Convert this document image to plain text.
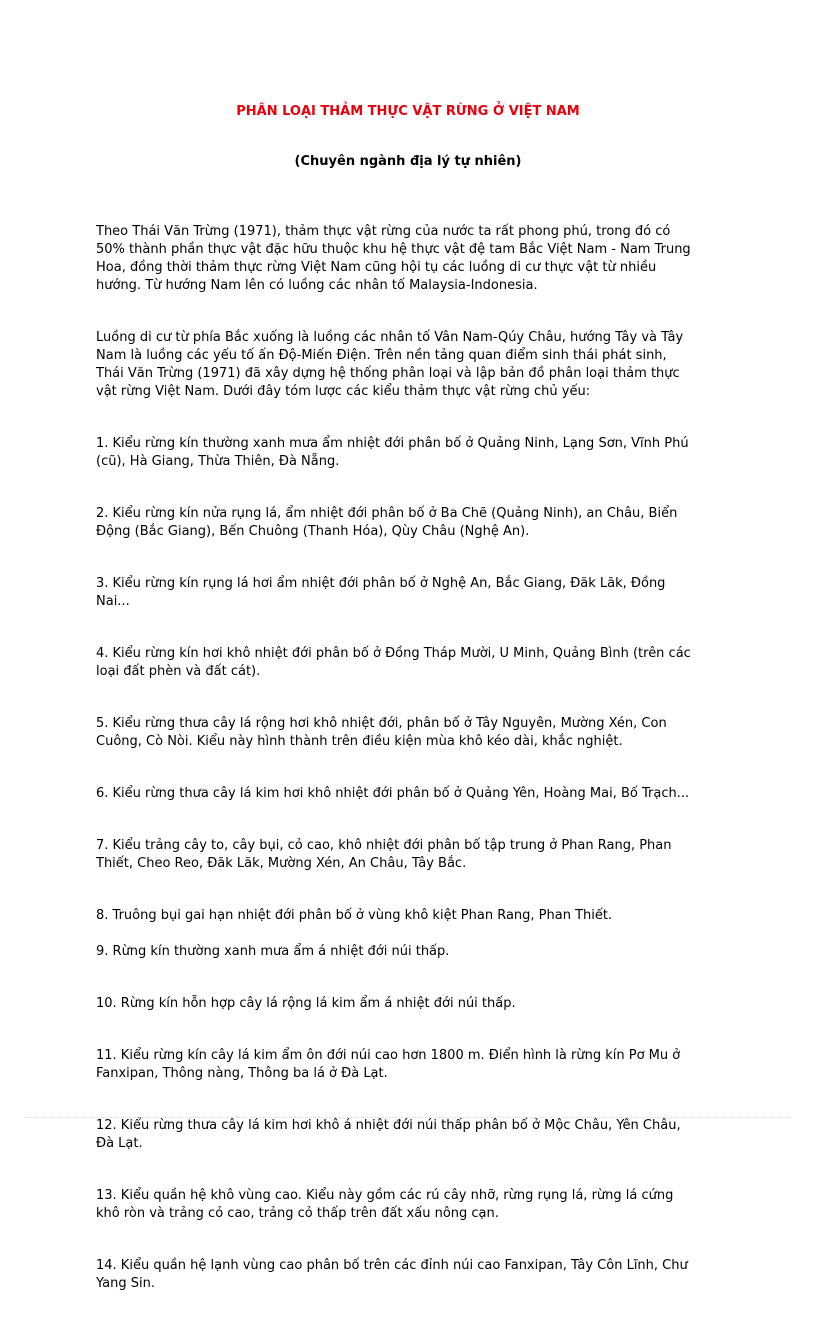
PHÂN LOẠI THẢM THỰC VẬT RỪNG Ở VIỆT NAM
(Chuyên ngành địa lý tự nhiên)

Theo Thái Văn Trừng (1971), thảm thực vật rừng của nước ta rất phong phú, trong đó có
50% thành phần thực vật đặc hữu thuộc khu hệ thực vật đệ tam Bắc Việt Nam - Nam Trung
Hoa, đồng thời thảm thực rừng Việt Nam cũng hội tụ các luồng di cư thực vật từ nhiều
hướng. Từ hướng Nam lên có luồng các nhân tố Malaysia-Indonesia.

Luồng di cư từ phía Bắc xuống là luồng các nhân tố Vân Nam-Qúy Châu, hướng Tây và Tây
Nam là luồng các yếu tố ấn Độ-Miến Điện. Trên nền tảng quan điểm sinh thái phát sinh,
Thái Văn Trừng (1971) đã xây dựng hệ thống phân loại và lập bản đồ phân loại thảm thực
vật rừng Việt Nam. Dưới đây tóm lược các kiểu thảm thực vật rừng chủ yếu:

1. Kiểu rừng kín thường xanh mưa ẩm nhiệt đới phân bố ở Quảng Ninh, Lạng Sơn, Vĩnh Phú
(cũ), Hà Giang, Thừa Thiên, Đà Nẵng.

2. Kiểu rừng kín nửa rụng lá, ẩm nhiệt đới phân bố ở Ba Chẽ (Quảng Ninh), an Châu, Biển
Động (Bắc Giang), Bến Chuông (Thanh Hóa), Qùy Châu (Nghệ An).

3. Kiểu rừng kín rụng lá hơi ẩm nhiệt đới phân bố ở Nghệ An, Bắc Giang, Đăk Lăk, Đồng
Nai...

4. Kiểu rừng kín hơi khô nhiệt đới phân bố ở Đồng Tháp Mười, U Minh, Quảng Bình (trên các
loại đất phèn và đất cát).

5. Kiểu rừng thưa cây lá rộng hơi khô nhiệt đới, phân bố ở Tây Nguyên, Mường Xén, Con
Cuông, Cò Nòi. Kiểu này hình thành trên điều kiện mùa khô kéo dài, khắc nghiệt.

6. Kiểu rừng thưa cây lá kim hơi khô nhiệt đới phân bố ở Quảng Yên, Hoàng Mai, Bố Trạch...

7. Kiểu trảng cây to, cây bụi, cỏ cao, khô nhiệt đới phân bố tập trung ở Phan Rang, Phan
Thiết, Cheo Reo, Đăk Lăk, Mường Xén, An Châu, Tây Bắc.

8. Truông bụi gai hạn nhiệt đới phân bố ở vùng khô kiệt Phan Rang, Phan Thiết.

9. Rừng kín thường xanh mưa ẩm á nhiệt đới núi thấp.

10. Rừng kín hỗn hợp cây lá rộng lá kim ẩm á nhiệt đới núi thấp.

11. Kiểu rừng kín cây lá kim ẩm ôn đới núi cao hơn 1800 m. Điển hình là rừng kín Pơ Mu ở
Fanxipan, Thông nàng, Thông ba lá ở Đà Lạt.

12. Kiểu rừng thưa cây lá kim hơi khô á nhiệt đới núi thấp phân bố ở Mộc Châu, Yên Châu,
Đà Lạt.

13. Kiểu quần hệ khô vùng cao. Kiểu này gồm các rú cây nhỡ, rừng rụng lá, rừng lá cứng
khô ròn và trảng cỏ cao, trảng cỏ thấp trên đất xấu nông cạn.

14. Kiểu quần hệ lạnh vùng cao phân bố trên các đỉnh núi cao Fanxipan, Tây Côn Lĩnh, Chư
Yang Sin.
